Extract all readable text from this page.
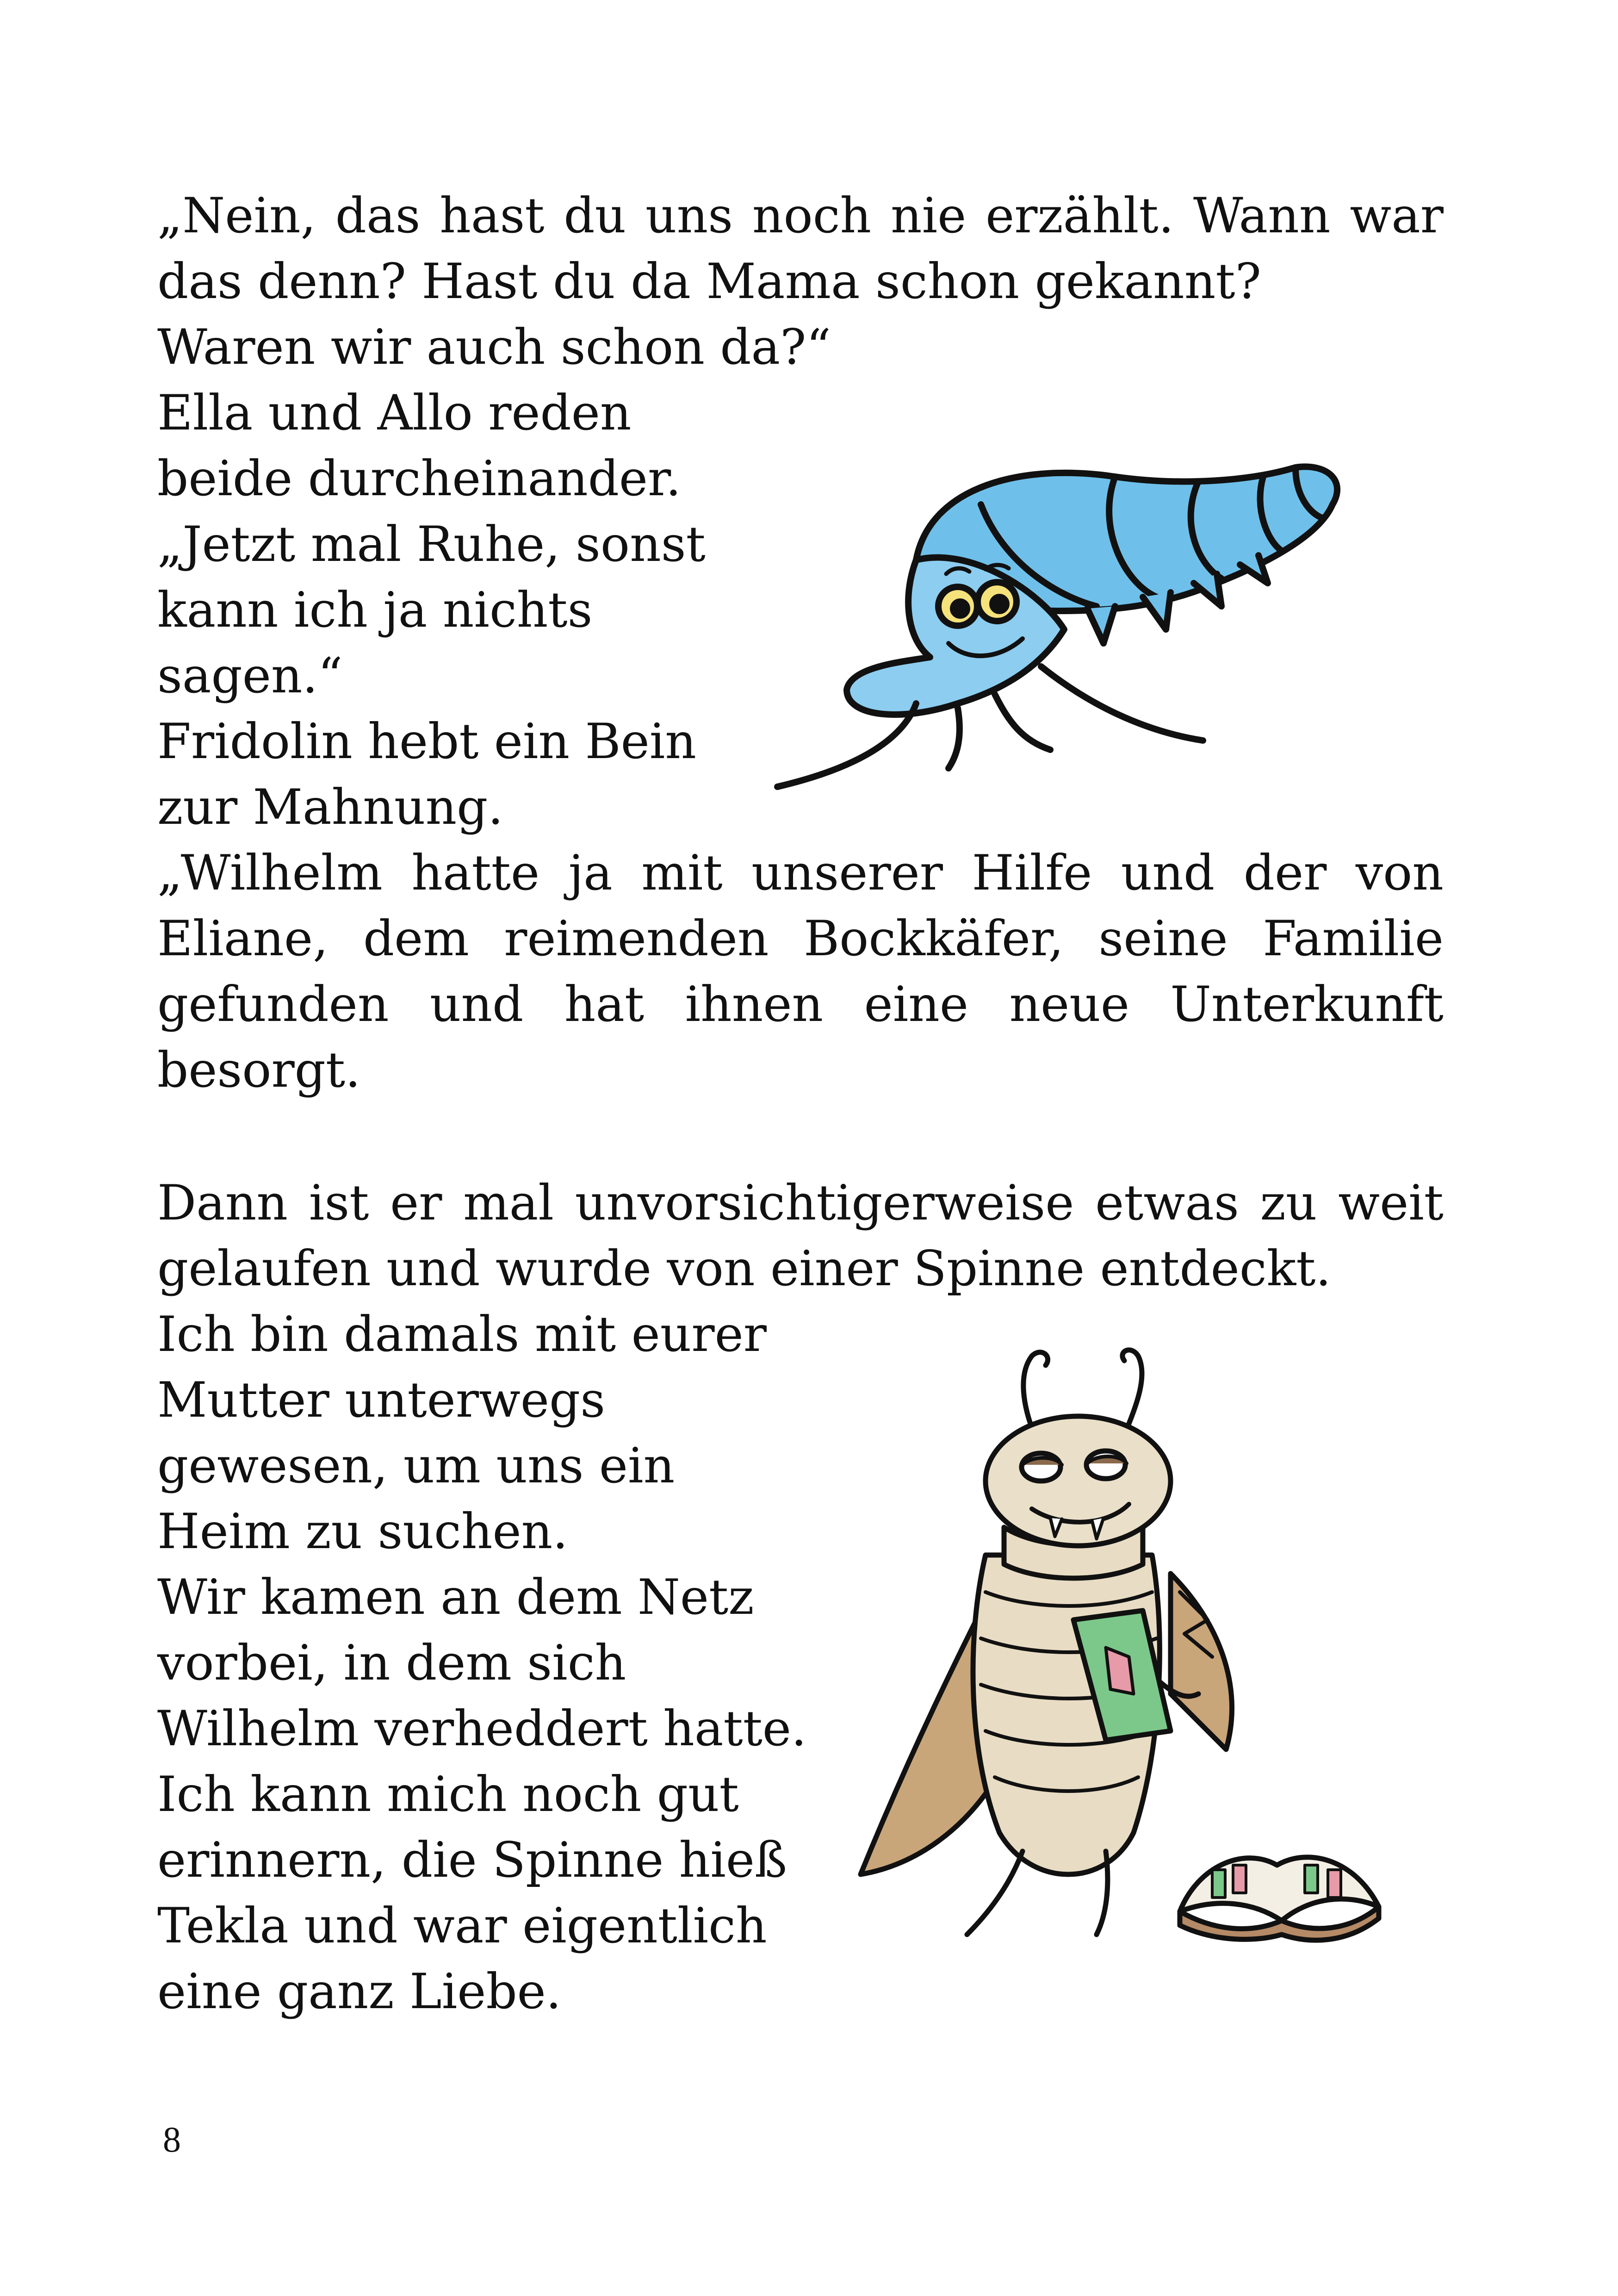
„Nein, das hast du uns noch nie erzählt. Wann war
das denn? Hast du da Mama schon gekannt?
Waren wir auch schon da?“
Ella und Allo reden
beide durcheinander.
„Jetzt mal Ruhe, sonst
kann ich ja nichts
sagen.“
Fridolin hebt ein Bein
zur Mahnung.
„Wilhelm hatte ja mit unserer Hilfe und der von
Eliane, dem reimenden Bockkäfer, seine Familie
gefunden und hat ihnen eine neue Unterkunft
besorgt.
Dann ist er mal unvorsichtigerweise etwas zu weit
gelaufen und wurde von einer Spinne entdeckt.
Ich bin damals mit eurer
Mutter unterwegs
gewesen, um uns ein
Heim zu suchen.
Wir kamen an dem Netz
vorbei, in dem sich
Wilhelm verheddert hatte.
Ich kann mich noch gut
erinnern, die Spinne hieß
Tekla und war eigentlich
eine ganz Liebe.
8
